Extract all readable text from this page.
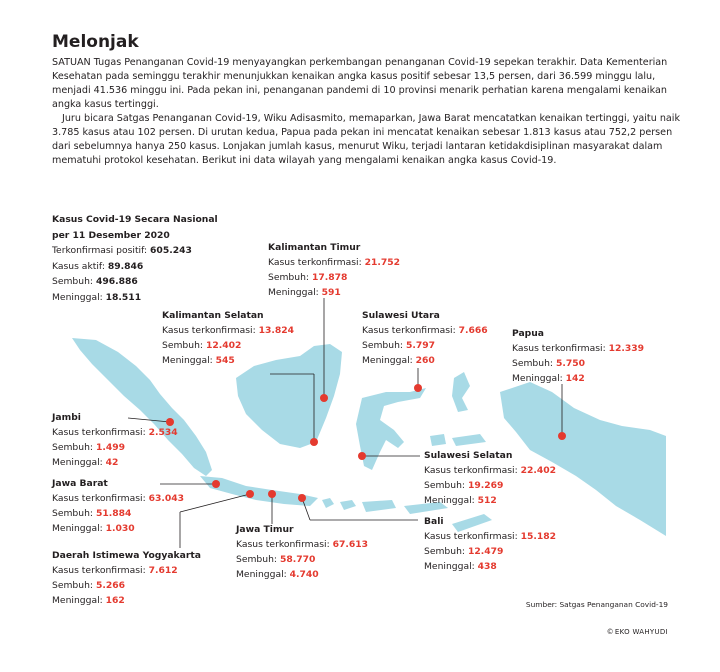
Melonjak

SATUAN Tugas Penanganan Covid-19 menyayangkan perkembangan penanganan Covid-19 sepekan terakhir. Data Kementerian Kesehatan pada seminggu terakhir menunjukkan kenaikan angka kasus positif sebesar 13,5 persen, dari 36.599 minggu lalu, menjadi 41.536 minggu ini. Pada pekan ini, penanganan pandemi di 10 provinsi menarik perhatian karena mengalami kenaikan angka kasus tertinggi.

Juru bicara Satgas Penanganan Covid-19, Wiku Adisasmito, memaparkan, Jawa Barat mencatatkan kenaikan tertinggi, yaitu naik 3.785 kasus atau 102 persen. Di urutan kedua, Papua pada pekan ini mencatat kenaikan sebesar 1.813 kasus atau 752,2 persen dari sebelumnya hanya 250 kasus. Lonjakan jumlah kasus, menurut Wiku, terjadi lantaran ketidakdisiplinan masyarakat dalam mematuhi protokol kesehatan. Berikut ini data wilayah yang mengalami kenaikan angka kasus Covid-19.

Kasus Covid-19 Secara Nasional
per 11 Desember 2020
Terkonfirmasi positif: 605.243
Kasus aktif: 89.846
Sembuh: 496.886
Meninggal: 18.511
Kalimantan Timur
Kasus terkonfirmasi: 21.752
Sembuh: 17.878
Meninggal: 591
Kalimantan Selatan
Kasus terkonfirmasi: 13.824
Sembuh: 12.402
Meninggal: 545
Sulawesi Utara
Kasus terkonfirmasi: 7.666
Sembuh: 5.797
Meninggal: 260
Papua
Kasus terkonfirmasi: 12.339
Sembuh: 5.750
Meninggal: 142
Jambi
Kasus terkonfirmasi: 2.534
Sembuh: 1.499
Meninggal: 42
Sulawesi Selatan
Kasus terkonfirmasi: 22.402
Sembuh: 19.269
Meninggal: 512
Jawa Barat
Kasus terkonfirmasi: 63.043
Sembuh: 51.884
Meninggal: 1.030	Jawa Timur
Kasus terkonfirmasi: 67.613
Sembuh: 58.770
Meninggal: 4.740
Bali
Kasus terkonfirmasi: 15.182
Sembuh: 12.479
Meninggal: 438
Daerah Istimewa Yogyakarta
Kasus terkonfirmasi: 7.612
Sembuh: 5.266
Meninggal: 162	Sumber: Satgas Penanganan Covid-19
© EKO WAHYUDI
